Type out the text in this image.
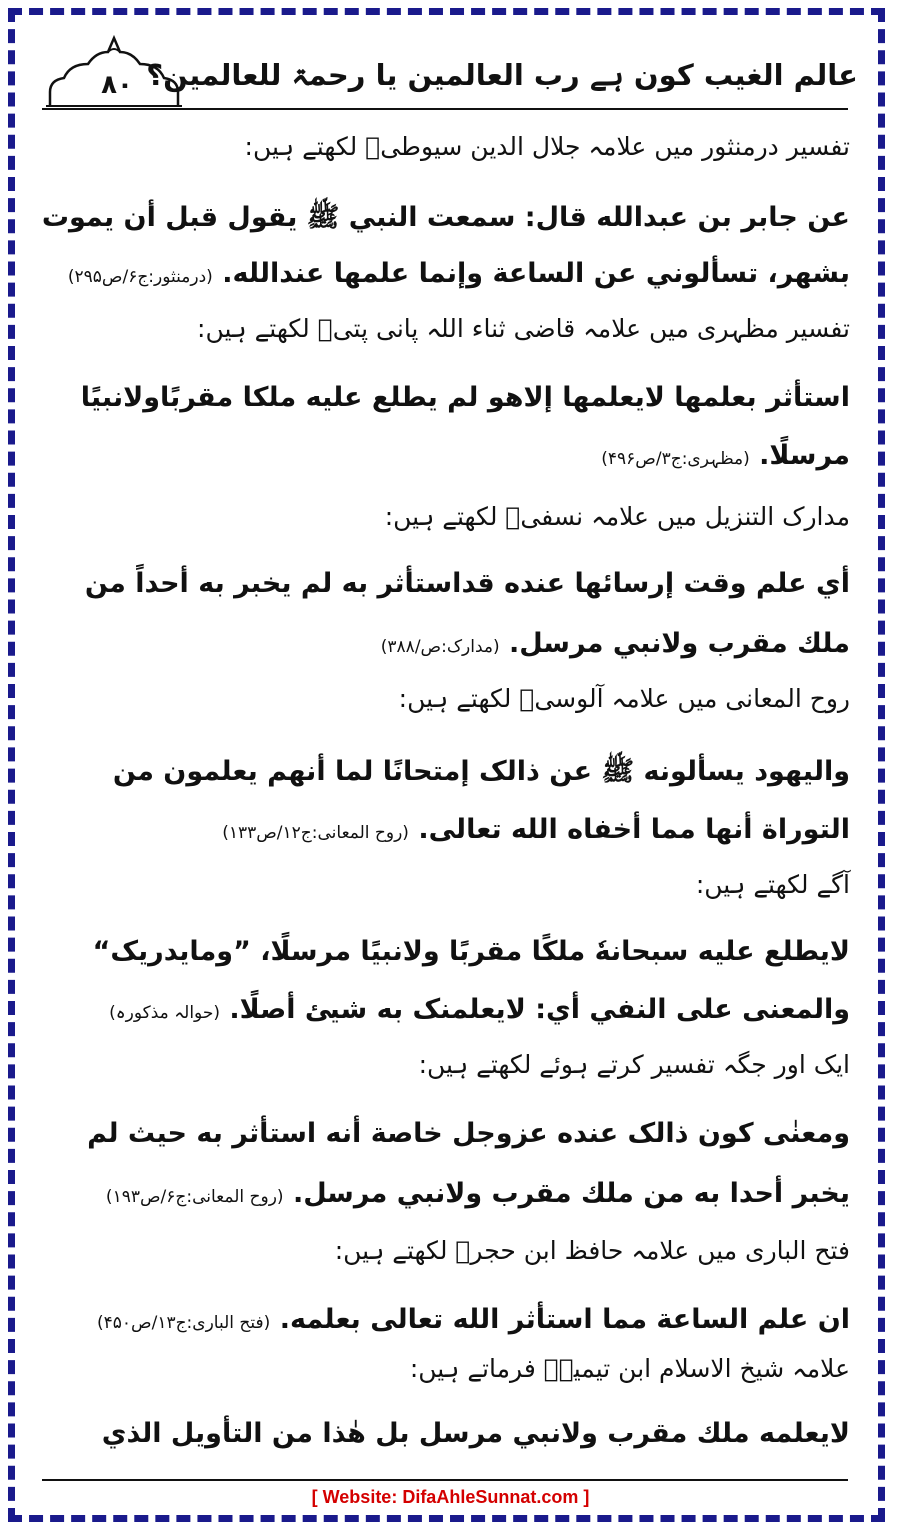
۸۰ عالم الغیب کون ہے رب العالمین یا رحمۃ للعالمین؟
تفسیر درمنثور میں علامہ جلال الدین سیوطیؒ لکھتے ہیں:
عن جابر بن عبدالله قال: سمعت النبي ﷺ يقول قبل أن يموت
بشهر، تسألوني عن الساعة وإنما علمها عندالله. (درمنثور:ج۶/ص۲۹۵)
تفسیر مظہری میں علامہ قاضی ثناء اللہ پانی پتیؒ لکھتے ہیں:
استأثر بعلمها لايعلمها إلاهو لم يطلع عليه ملكا مقربًاولانبيًا
مرسلًا. (مظہری:ج۳/ص۴۹۶)
مدارک التنزیل میں علامہ نسفیؒ لکھتے ہیں:
أي علم وقت إرسائها عنده قداستأثر به لم يخبر به أحداً من
ملك مقرب ولانبي مرسل. (مدارک:ص/۳۸۸)
روح المعانی میں علامہ آلوسیؒ لکھتے ہیں:
واليهود يسألونه ﷺ عن ذالک إمتحانًا لما أنهم يعلمون من
التوراة أنها مما أخفاه الله تعالى. (روح المعانی:ج۱۲/ص۱۳۳)
آگے لکھتے ہیں:
لايطلع عليه سبحانهٗ ملكًا مقربًا ولانبيًا مرسلًا، ”ومايدريک“
والمعنى على النفي أي: لايعلمنک به شيئ أصلًا. (حوالہ مذکورہ)
ایک اور جگہ تفسیر کرتے ہوئے لکھتے ہیں:
ومعنٰى كون ذالک عنده عزوجل خاصة أنه استأثر به حيث لم
يخبر أحدا به من ملك مقرب ولانبي مرسل. (روح المعانی:ج۶/ص۱۹۳)
فتح الباری میں علامہ حافظ ابن حجرؒ لکھتے ہیں:
ان علم الساعة مما استأثر الله تعالى بعلمه. (فتح الباری:ج۱۳/ص۴۵۰)
علامہ شیخ الاسلام ابن تیمیہؒ فرماتے ہیں:
لايعلمه ملك مقرب ولانبي مرسل بل هٰذا من التأويل الذي
[ Website: DifaAhleSunnat.com ]
